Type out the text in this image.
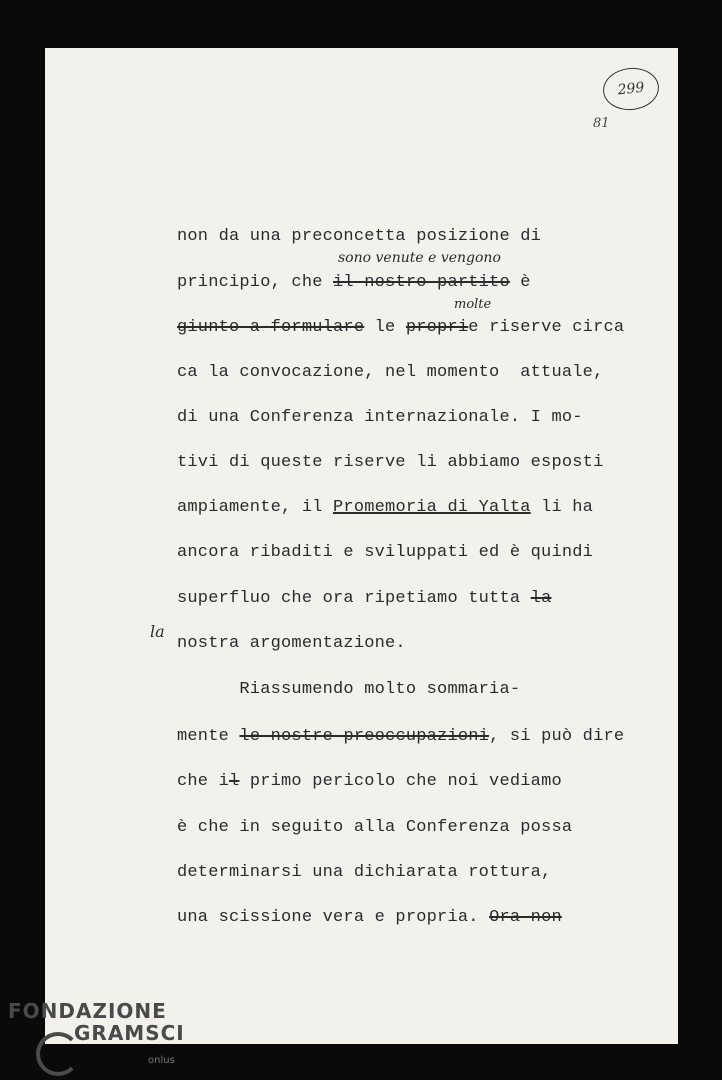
299
81
sono venute e vengono
molte
la
non da una preconcetta posizione di
principio, che il nostro partito è
giunto a formulare le proprie riserve circa
ca la convocazione, nel momento  attuale,
di una Conferenza internazionale. I mo-
tivi di queste riserve li abbiamo esposti
ampiamente, il Promemoria di Yalta li ha
ancora ribaditi e sviluppati ed è quindi
superfluo che ora ripetiamo tutta la
nostra argomentazione.
Riassumendo molto sommaria-
mente le nostre preoccupazioni, si può dire
che il primo pericolo che noi vediamo
è che in seguito alla Conferenza possa
determinarsi una dichiarata rottura,
una scissione vera e propria. Ora non
FONDAZIONE
GRAMSCI
onlus
